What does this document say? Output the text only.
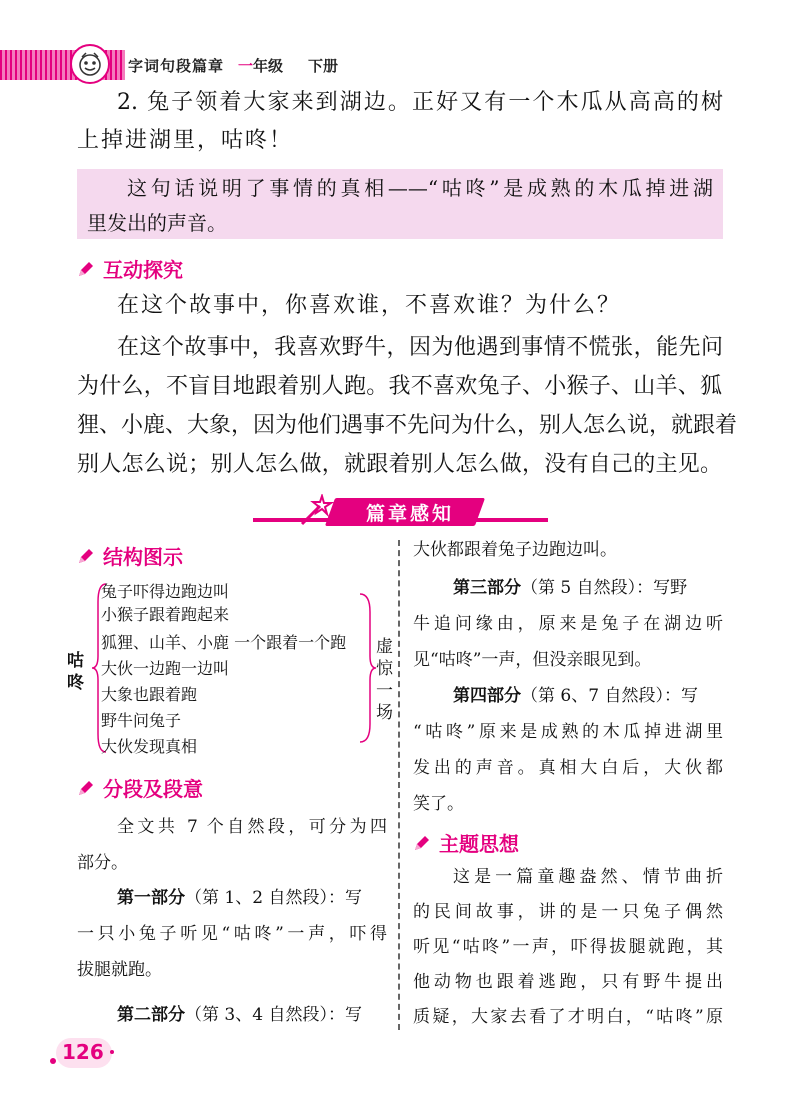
字词句段篇章 一年级 下册
2. 兔子领着大家来到湖边。正好又有一个木瓜从高高的树
上掉进湖里，咕咚！
这句话说明了事情的真相——“咕咚”是成熟的木瓜掉进湖
里发出的声音。
互动探究
在这个故事中，你喜欢谁，不喜欢谁？为什么？
在这个故事中，我喜欢野牛，因为他遇到事情不慌张，能先问
为什么，不盲目地跟着别人跑。我不喜欢兔子、小猴子、山羊、狐
狸、小鹿、大象，因为他们遇事不先问为什么，别人怎么说，就跟着
别人怎么说；别人怎么做，就跟着别人怎么做，没有自己的主见。
篇章感知
结构图示
咕咚
兔子吓得边跑边叫
小猴子跟着跑起来
狐狸、山羊、小鹿 一个跟着一个跑
大伙一边跑一边叫
大象也跟着跑
野牛问兔子
大伙发现真相
虚惊一场
分段及段意
全文共 7 个自然段，可分为四
部分。
第一部分（第 1、2 自然段）：写
一只小兔子听见“咕咚”一声，吓得
拔腿就跑。
第二部分（第 3、4 自然段）：写
大伙都跟着兔子边跑边叫。
第三部分（第 5 自然段）：写野
牛追问缘由，原来是兔子在湖边听
见“咕咚”一声，但没亲眼见到。
第四部分（第 6、7 自然段）：写
“咕咚”原来是成熟的木瓜掉进湖里
发出的声音。真相大白后，大伙都
笑了。
主题思想
这是一篇童趣盎然、情节曲折
的民间故事，讲的是一只兔子偶然
听见“咕咚”一声，吓得拔腿就跑，其
他动物也跟着逃跑，只有野牛提出
质疑，大家去看了才明白，“咕咚”原
126
